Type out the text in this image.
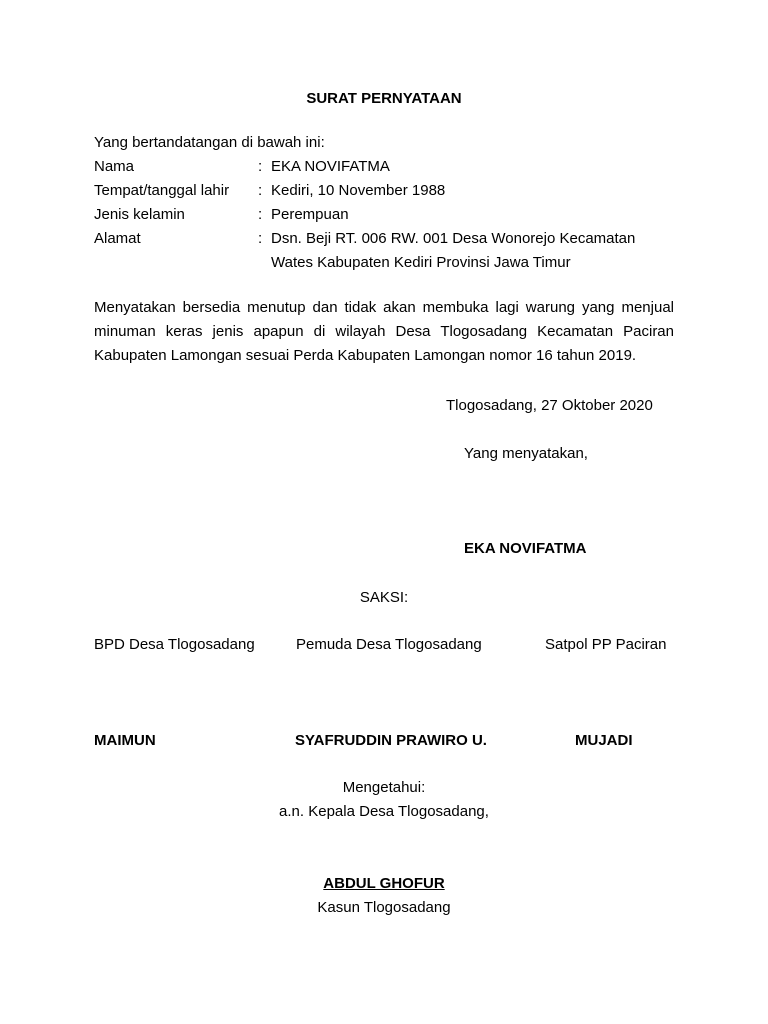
SURAT PERNYATAAN
Yang bertandatangan di bawah ini:
Nama	: EKA NOVIFATMA
Tempat/tanggal lahir : Kediri, 10 November 1988
Jenis kelamin	: Perempuan
Alamat	: Dsn. Beji RT. 006 RW. 001 Desa Wonorejo Kecamatan
Wates Kabupaten Kediri Provinsi Jawa Timur
Menyatakan bersedia menutup dan tidak akan membuka lagi warung yang menjual minuman keras jenis apapun di wilayah Desa Tlogosadang Kecamatan Paciran Kabupaten Lamongan sesuai Perda Kabupaten Lamongan nomor 16 tahun 2019.
Tlogosadang, 27 Oktober 2020
Yang menyatakan,
EKA NOVIFATMA
SAKSI:
BPD Desa Tlogosadang	Pemuda Desa Tlogosadang	Satpol PP Paciran
MAIMUN	SYAFRUDDIN PRAWIRO U.	MUJADI
Mengetahui:
a.n. Kepala Desa Tlogosadang,
ABDUL GHOFUR
Kasun Tlogosadang
